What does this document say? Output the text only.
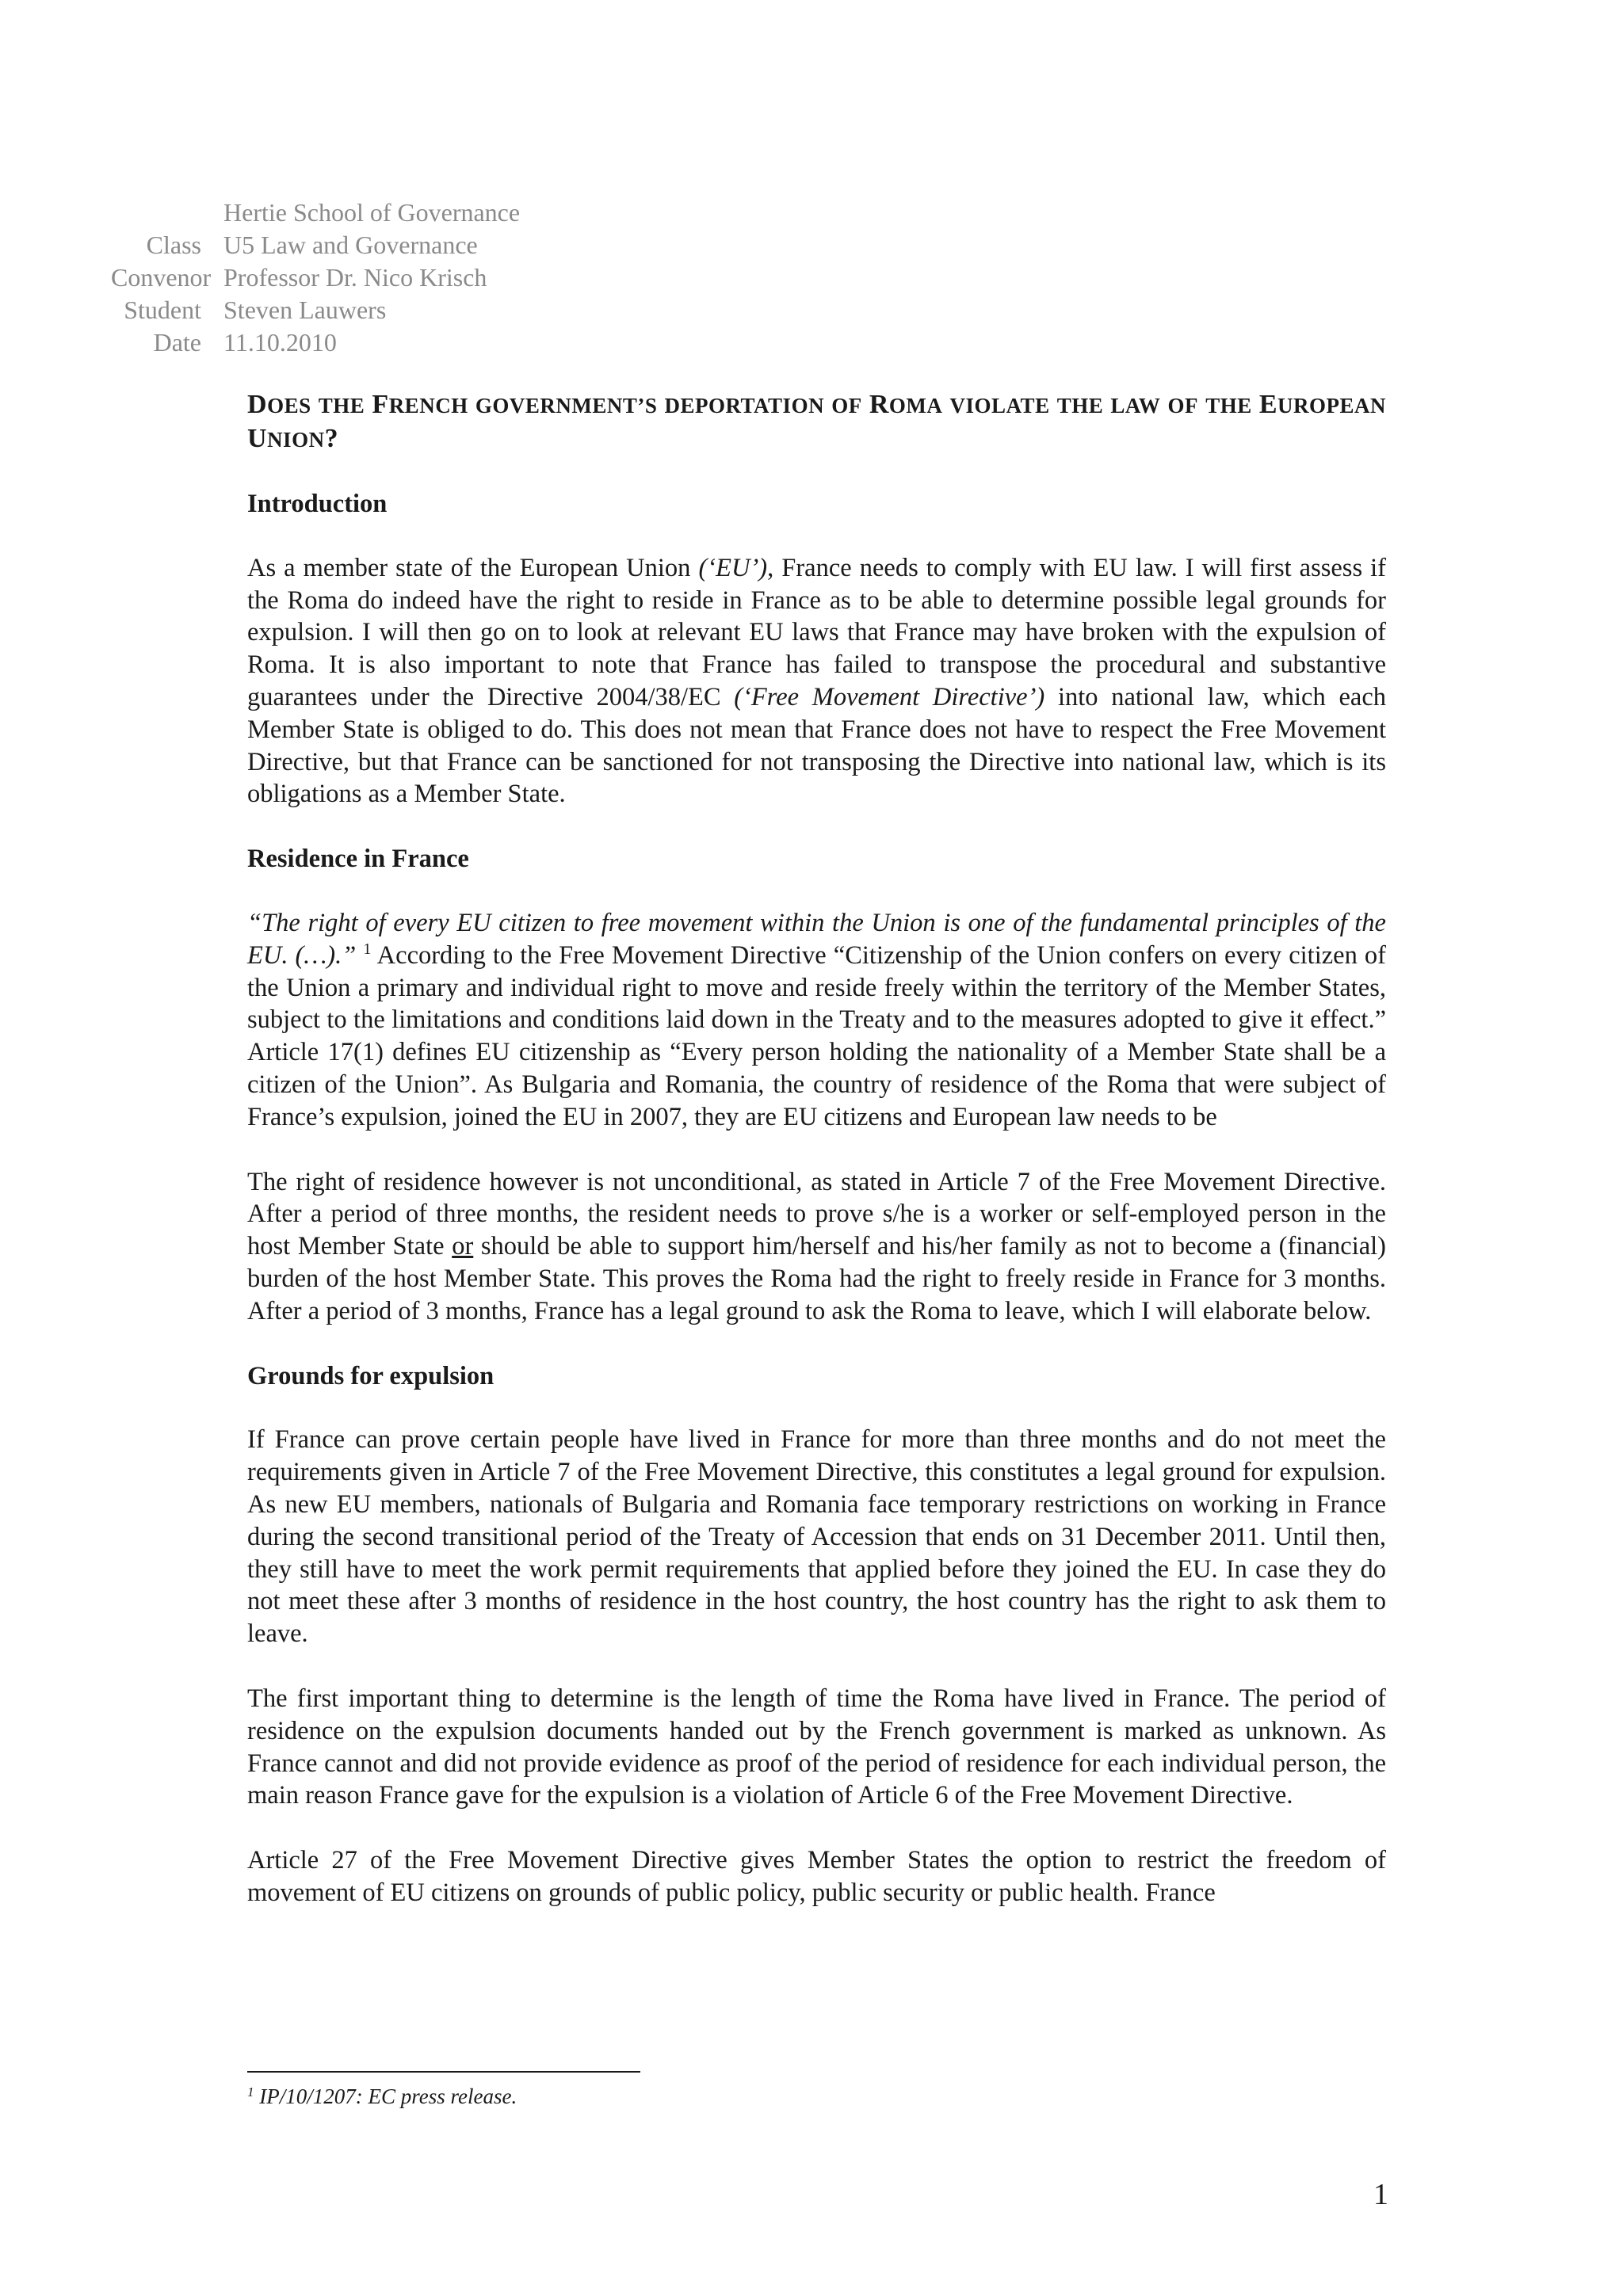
Hertie School of Governance
Class U5 Law and Governance
Convenor Professor Dr. Nico Krisch
Student Steven Lauwers
Date 11.10.2010
DOES THE FRENCH GOVERNMENT’S DEPORTATION OF ROMA VIOLATE THE LAW OF THE EUROPEAN UNION?
Introduction

As a member state of the European Union (‘EU’), France needs to comply with EU law. I will first assess if the Roma do indeed have the right to reside in France as to be able to determine possible legal grounds for expulsion. I will then go on to look at relevant EU laws that France may have broken with the expulsion of Roma. It is also important to note that France has failed to transpose the procedural and substantive guarantees under the Directive 2004/38/EC (‘Free Movement Directive’) into national law, which each Member State is obliged to do. This does not mean that France does not have to respect the Free Movement Directive, but that France can be sanctioned for not transposing the Directive into national law, which is its obligations as a Member State.

Residence in France

“The right of every EU citizen to free movement within the Union is one of the fundamental principles of the EU. (…).” $^1$ According to the Free Movement Directive “Citizenship of the Union confers on every citizen of the Union a primary and individual right to move and reside freely within the territory of the Member States, subject to the limitations and conditions laid down in the Treaty and to the measures adopted to give it effect.” Article 17(1) defines EU citizenship as “Every person holding the nationality of a Member State shall be a citizen of the Union”. As Bulgaria and Romania, the country of residence of the Roma that were subject of France’s expulsion, joined the EU in 2007, they are EU citizens and European law needs to be

The right of residence however is not unconditional, as stated in Article 7 of the Free Movement Directive. After a period of three months, the resident needs to prove s/he is a worker or self-employed person in the host Member State or should be able to support him/herself and his/her family as not to become a (financial) burden of the host Member State. This proves the Roma had the right to freely reside in France for 3 months. After a period of 3 months, France has a legal ground to ask the Roma to leave, which I will elaborate below.

Grounds for expulsion

If France can prove certain people have lived in France for more than three months and do not meet the requirements given in Article 7 of the Free Movement Directive, this constitutes a legal ground for expulsion. As new EU members, nationals of Bulgaria and Romania face temporary restrictions on working in France during the second transitional period of the Treaty of Accession that ends on 31 December 2011. Until then, they still have to meet the work permit requirements that applied before they joined the EU. In case they do not meet these after 3 months of residence in the host country, the host country has the right to ask them to leave.

The first important thing to determine is the length of time the Roma have lived in France. The period of residence on the expulsion documents handed out by the French government is marked as unknown. As France cannot and did not provide evidence as proof of the period of residence for each individual person, the main reason France gave for the expulsion is a violation of Article 6 of the Free Movement Directive.

Article 27 of the Free Movement Directive gives Member States the option to restrict the freedom of movement of EU citizens on grounds of public policy, public security or public health. France

$^1$ IP/10/1207: EC press release.
1
